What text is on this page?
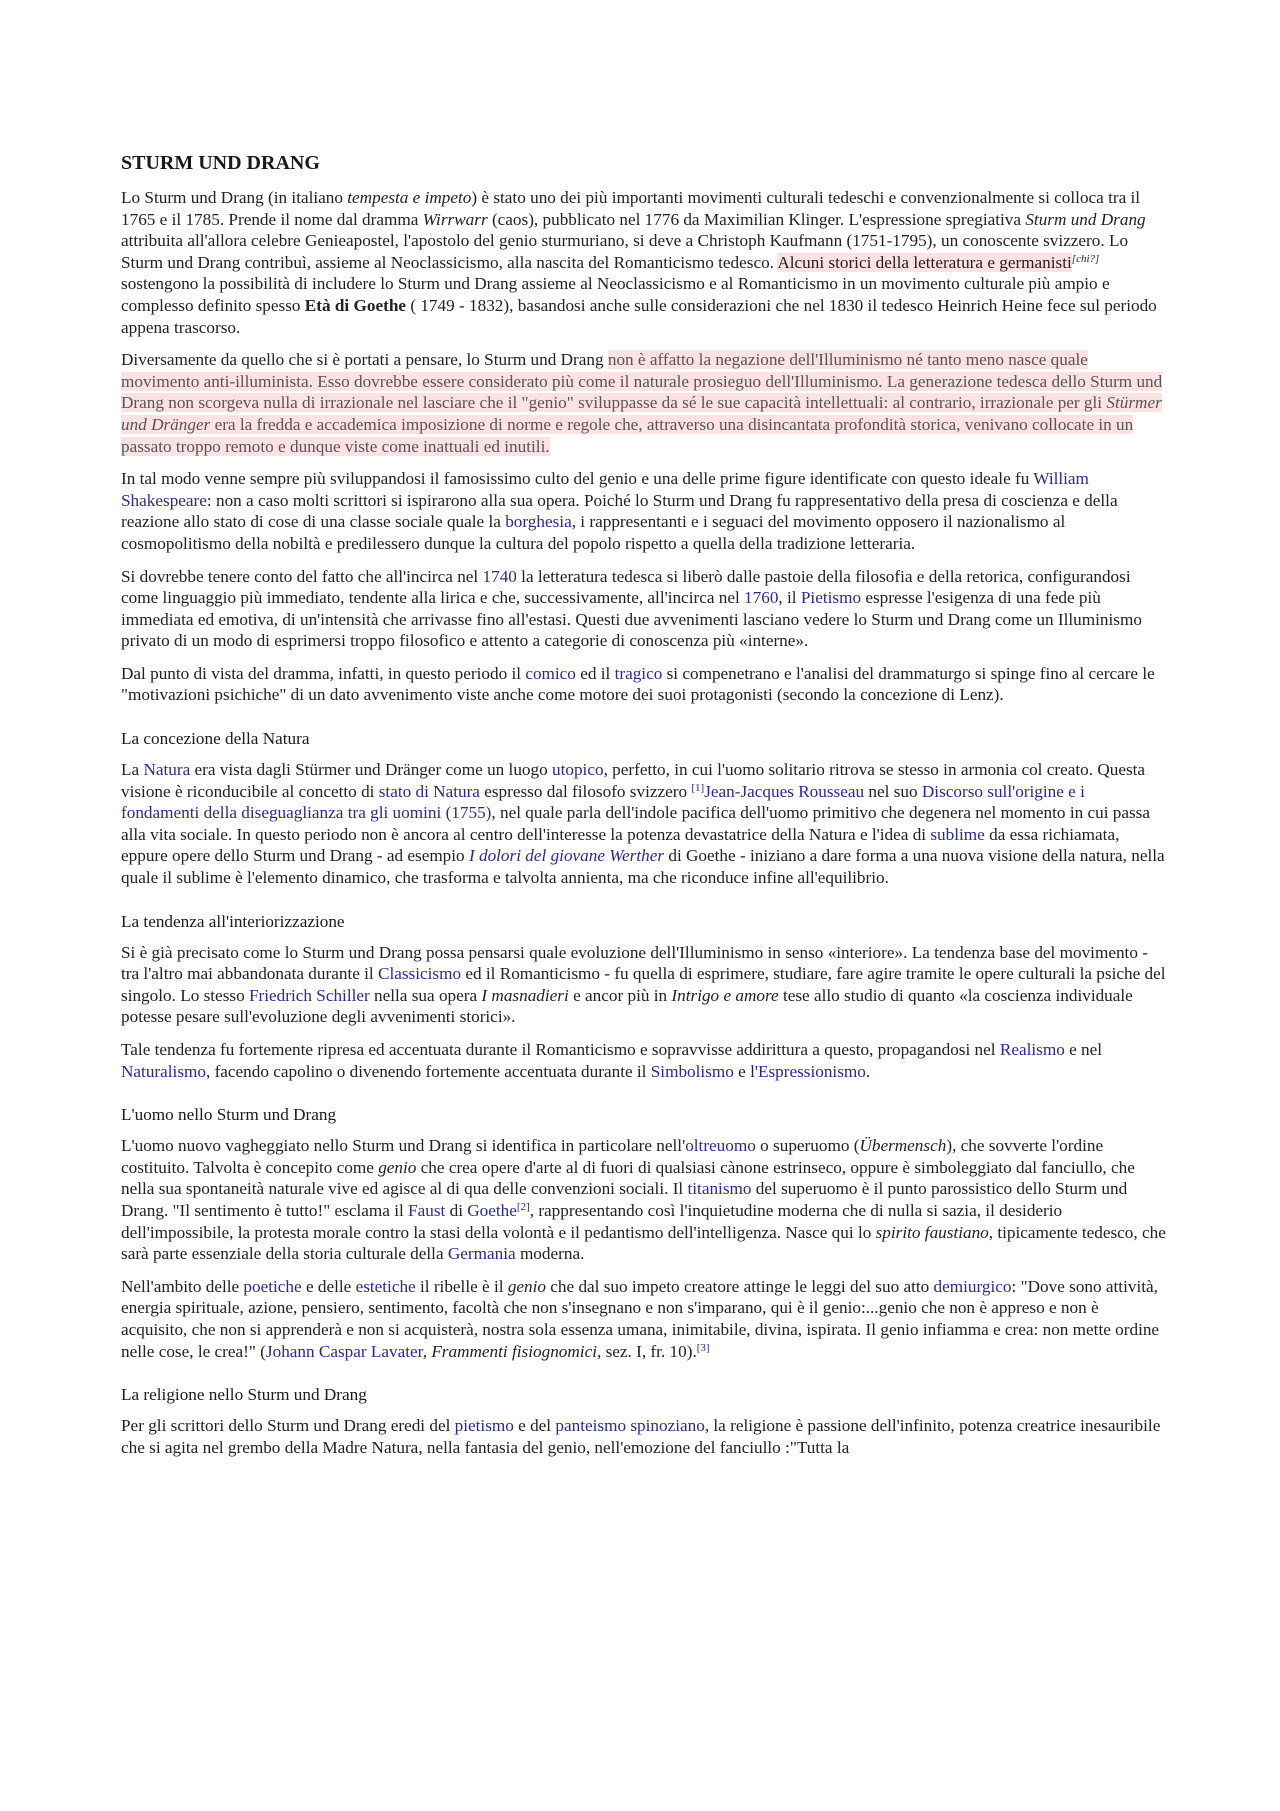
STURM UND DRANG

Lo Sturm und Drang (in italiano tempesta e impeto) è stato uno dei più importanti movimenti culturali tedeschi e convenzionalmente si colloca tra il 1765 e il 1785. Prende il nome dal dramma Wirrwarr (caos), pubblicato nel 1776 da Maximilian Klinger. L'espressione spregiativa Sturm und Drang attribuita all'allora celebre Genieapostel, l'apostolo del genio sturmuriano, si deve a Christoph Kaufmann (1751-1795), un conoscente svizzero. Lo Sturm und Drang contribuì, assieme al Neoclassicismo, alla nascita del Romanticismo tedesco. Alcuni storici della letteratura e germanisti[chi?] sostengono la possibilità di includere lo Sturm und Drang assieme al Neoclassicismo e al Romanticismo in un movimento culturale più ampio e complesso definito spesso Età di Goethe ( 1749 - 1832), basandosi anche sulle considerazioni che nel 1830 il tedesco Heinrich Heine fece sul periodo appena trascorso.

Diversamente da quello che si è portati a pensare, lo Sturm und Drang non è affatto la negazione dell'Illuminismo né tanto meno nasce quale movimento anti-illuminista. Esso dovrebbe essere considerato più come il naturale prosieguo dell'Illuminismo. La generazione tedesca dello Sturm und Drang non scorgeva nulla di irrazionale nel lasciare che il "genio" sviluppasse da sé le sue capacità intellettuali: al contrario, irrazionale per gli Stürmer und Dränger era la fredda e accademica imposizione di norme e regole che, attraverso una disincantata profondità storica, venivano collocate in un passato troppo remoto e dunque viste come inattuali ed inutili.

In tal modo venne sempre più sviluppandosi il famosissimo culto del genio e una delle prime figure identificate con questo ideale fu William Shakespeare: non a caso molti scrittori si ispirarono alla sua opera. Poiché lo Sturm und Drang fu rappresentativo della presa di coscienza e della reazione allo stato di cose di una classe sociale quale la borghesia, i rappresentanti e i seguaci del movimento opposero il nazionalismo al cosmopolitismo della nobiltà e predilessero dunque la cultura del popolo rispetto a quella della tradizione letteraria.

Si dovrebbe tenere conto del fatto che all'incirca nel 1740 la letteratura tedesca si liberò dalle pastoie della filosofia e della retorica, configurandosi come linguaggio più immediato, tendente alla lirica e che, successivamente, all'incirca nel 1760, il Pietismo espresse l'esigenza di una fede più immediata ed emotiva, di un'intensità che arrivasse fino all'estasi. Questi due avvenimenti lasciano vedere lo Sturm und Drang come un Illuminismo privato di un modo di esprimersi troppo filosofico e attento a categorie di conoscenza più «interne».

Dal punto di vista del dramma, infatti, in questo periodo il comico ed il tragico si compenetrano e l'analisi del drammaturgo si spinge fino al cercare le "motivazioni psichiche" di un dato avvenimento viste anche come motore dei suoi protagonisti (secondo la concezione di Lenz).

La concezione della Natura

La Natura era vista dagli Stürmer und Dränger come un luogo utopico, perfetto, in cui l'uomo solitario ritrova se stesso in armonia col creato. Questa visione è riconducibile al concetto di stato di Natura espresso dal filosofo svizzero [1]Jean-Jacques Rousseau nel suo Discorso sull'origine e i fondamenti della diseguaglianza tra gli uomini (1755), nel quale parla dell'indole pacifica dell'uomo primitivo che degenera nel momento in cui passa alla vita sociale. In questo periodo non è ancora al centro dell'interesse la potenza devastatrice della Natura e l'idea di sublime da essa richiamata, eppure opere dello Sturm und Drang - ad esempio I dolori del giovane Werther di Goethe - iniziano a dare forma a una nuova visione della natura, nella quale il sublime è l'elemento dinamico, che trasforma e talvolta annienta, ma che riconduce infine all'equilibrio.

La tendenza all'interiorizzazione

Si è già precisato come lo Sturm und Drang possa pensarsi quale evoluzione dell'Illuminismo in senso «interiore». La tendenza base del movimento - tra l'altro mai abbandonata durante il Classicismo ed il Romanticismo - fu quella di esprimere, studiare, fare agire tramite le opere culturali la psiche del singolo. Lo stesso Friedrich Schiller nella sua opera I masnadieri e ancor più in Intrigo e amore tese allo studio di quanto «la coscienza individuale potesse pesare sull'evoluzione degli avvenimenti storici».

Tale tendenza fu fortemente ripresa ed accentuata durante il Romanticismo e sopravvisse addirittura a questo, propagandosi nel Realismo e nel Naturalismo, facendo capolino o divenendo fortemente accentuata durante il Simbolismo e l'Espressionismo.

L'uomo nello Sturm und Drang

L'uomo nuovo vagheggiato nello Sturm und Drang si identifica in particolare nell'oltreuomo o superuomo (Übermensch), che sovverte l'ordine costituito. Talvolta è concepito come genio che crea opere d'arte al di fuori di qualsiasi cànone estrinseco, oppure è simboleggiato dal fanciullo, che nella sua spontaneità naturale vive ed agisce al di qua delle convenzioni sociali. Il titanismo del superuomo è il punto parossistico dello Sturm und Drang. "Il sentimento è tutto!" esclama il Faust di Goethe[2], rappresentando così l'inquietudine moderna che di nulla si sazia, il desiderio dell'impossibile, la protesta morale contro la stasi della volontà e il pedantismo dell'intelligenza. Nasce qui lo spirito faustiano, tipicamente tedesco, che sarà parte essenziale della storia culturale della Germania moderna.

Nell'ambito delle poetiche e delle estetiche il ribelle è il genio che dal suo impeto creatore attinge le leggi del suo atto demiurgico: "Dove sono attività, energia spirituale, azione, pensiero, sentimento, facoltà che non s'insegnano e non s'imparano, qui è il genio:...genio che non è appreso e non è acquisito, che non si apprenderà e non si acquisterà, nostra sola essenza umana, inimitabile, divina, ispirata. Il genio infiamma e crea: non mette ordine nelle cose, le crea!" (Johann Caspar Lavater, Frammenti fisiognomici, sez. I, fr. 10).[3]

La religione nello Sturm und Drang

Per gli scrittori dello Sturm und Drang eredi del pietismo e del panteismo spinoziano, la religione è passione dell'infinito, potenza creatrice inesauribile che si agita nel grembo della Madre Natura, nella fantasia del genio, nell'emozione del fanciullo :"Tutta la
